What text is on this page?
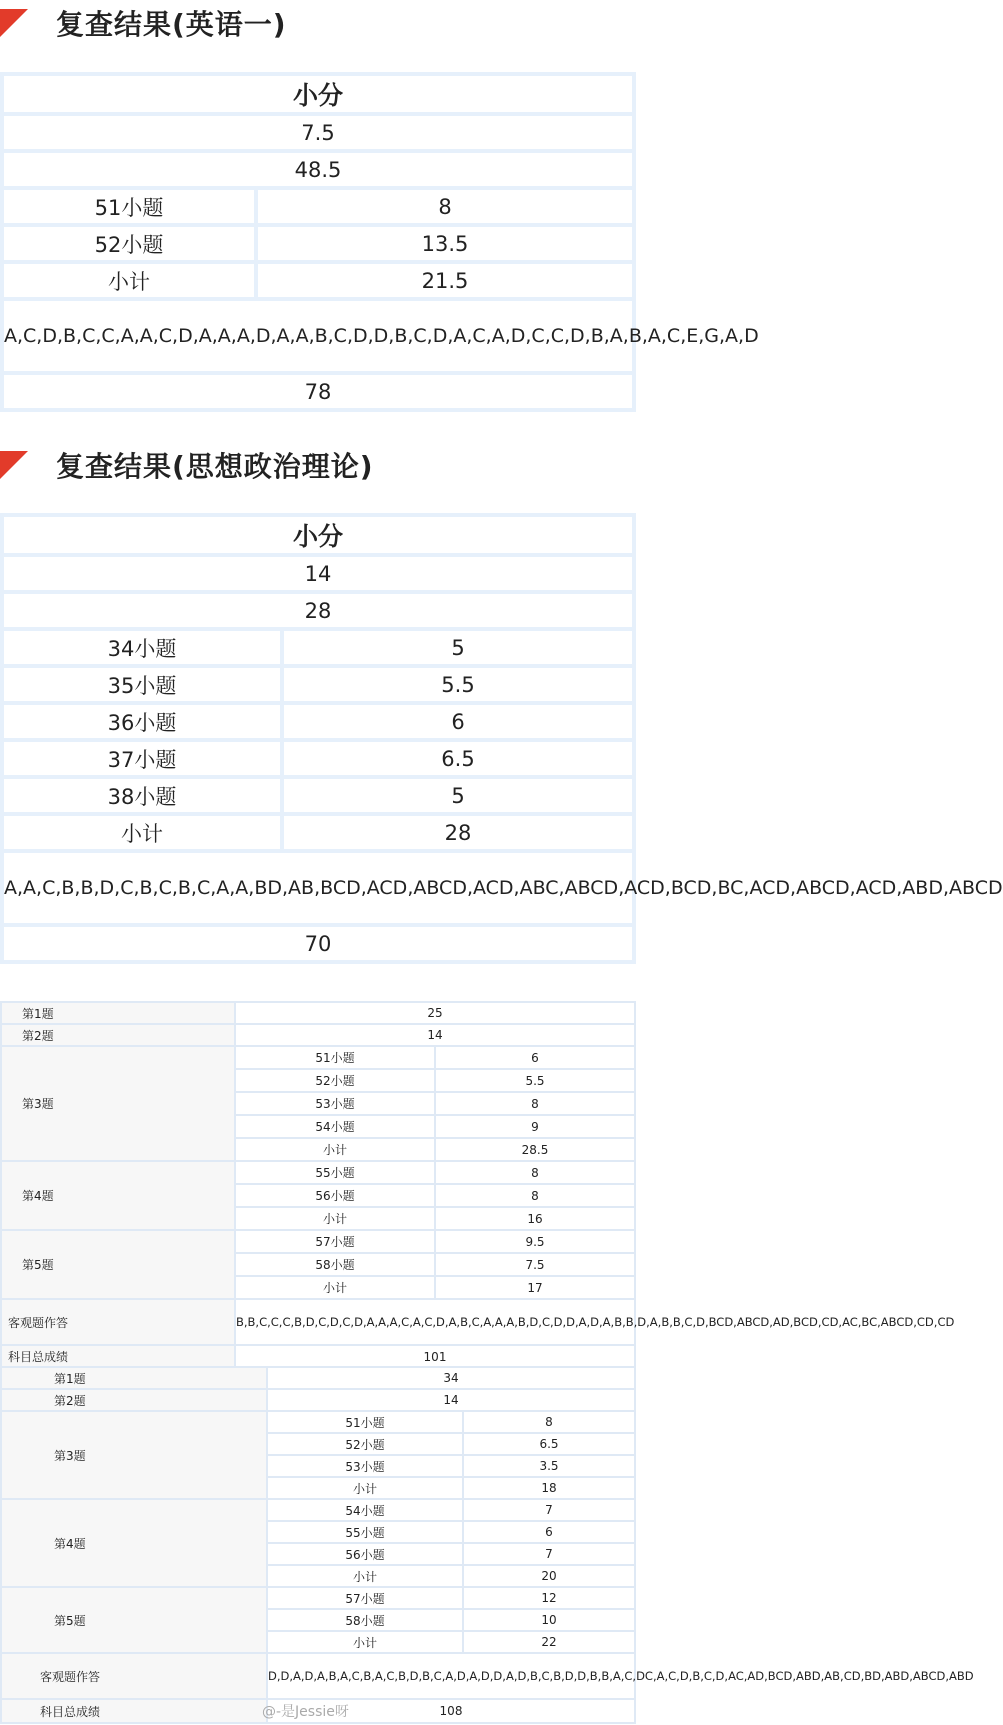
复查结果(英语一)
小分	
7.5	
48.5	
51小题	8
52小题	13.5
小计	21.5
A,C,D,B,C,C,A,A,C,D,A,A,A,D,A,A,B,C,D,D,B,C,D,A,C,A,D,C,C,D,B,A,B,A,C,E,G,A,D	
78	
复查结果(思想政治理论)
小分	
14	
28	
34小题	5
35小题	5.5
36小题	6
37小题	6.5
38小题	5
小计	28
A,A,C,B,B,D,C,B,C,B,C,A,A,BD,AB,BCD,ACD,ABCD,ACD,ABC,ABCD,ACD,BCD,BC,ACD,ABCD,ACD,ABD,ABCD	
70	
第1题	25	
第2题	14	
第3题	51小题	6
	52小题	5.5
	53小题	8
	54小题	9
	小计	28.5
第4题	55小题	8
	56小题	8
	小计	16
第5题	57小题	9.5
	58小题	7.5
	小计	17
客观题作答	B,B,C,C,C,B,D,C,D,C,D,A,A,A,C,A,C,D,A,B,C,A,A,A,B,D,C,D,D,A,D,A,B,B,D,A,B,B,C,D,BCD,ABCD,AD,BCD,CD,AC,BC,ABCD,CD,CD	
科目总成绩	101	
第1题	34	
第2题	14	
第3题	51小题	8
	52小题	6.5
	53小题	3.5
	小计	18
第4题	54小题	7
	55小题	6
	56小题	7
	小计	20
第5题	57小题	12
	58小题	10
	小计	22
客观题作答	D,D,A,D,A,B,A,C,B,A,C,B,D,B,C,A,D,A,D,D,A,D,B,C,B,D,D,B,B,A,C,DC,A,C,D,B,C,D,AC,AD,BCD,ABD,AB,CD,BD,ABD,ABCD,ABD	
科目总成绩	108	
@-是Jessie呀
